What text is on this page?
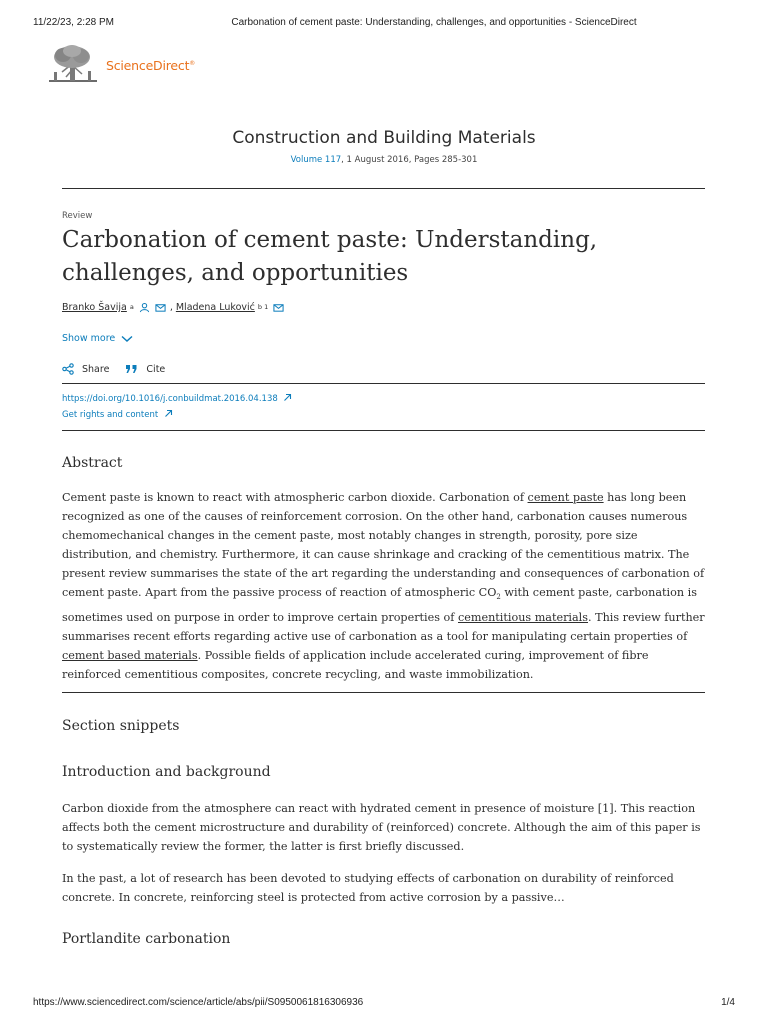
11/22/23, 2:28 PM	Carbonation of cement paste: Understanding, challenges, and opportunities - ScienceDirect
ScienceDirect®
Construction and Building Materials
Volume 117, 1 August 2016, Pages 285-301
Review
Carbonation of cement paste: Understanding, challenges, and opportunities
Branko Šavija $^a$	, Mladena Luković $^{b 1}$
Show more
Share	Cite
https://doi.org/10.1016/j.conbuildmat.2016.04.138
Get rights and content
Abstract

Cement paste is known to react with atmospheric carbon dioxide. Carbonation of cement paste has long been recognized as one of the causes of reinforcement corrosion. On the other hand, carbonation causes numerous chemomechanical changes in the cement paste, most notably changes in strength, porosity, pore size distribution, and chemistry. Furthermore, it can cause shrinkage and cracking of the cementitious matrix. The present review summarises the state of the art regarding the understanding and consequences of carbonation of cement paste. Apart from the passive process of reaction of atmospheric $CO_2$ with cement paste, carbonation is sometimes used on purpose in order to improve certain properties of cementitious materials. This review further summarises recent efforts regarding active use of carbonation as a tool for manipulating certain properties of cement based materials. Possible fields of application include accelerated curing, improvement of fibre reinforced cementitious composites, concrete recycling, and waste immobilization.

Section snippets
Introduction and background

Carbon dioxide from the atmosphere can react with hydrated cement in presence of moisture [1]. This reaction affects both the cement microstructure and durability of (reinforced) concrete. Although the aim of this paper is to systematically review the former, the latter is first briefly discussed.

In the past, a lot of research has been devoted to studying effects of carbonation on durability of reinforced concrete. In concrete, reinforcing steel is protected from active corrosion by a passive…

Portlandite carbonation
https://www.sciencedirect.com/science/article/abs/pii/S0950061816306936	1/4
